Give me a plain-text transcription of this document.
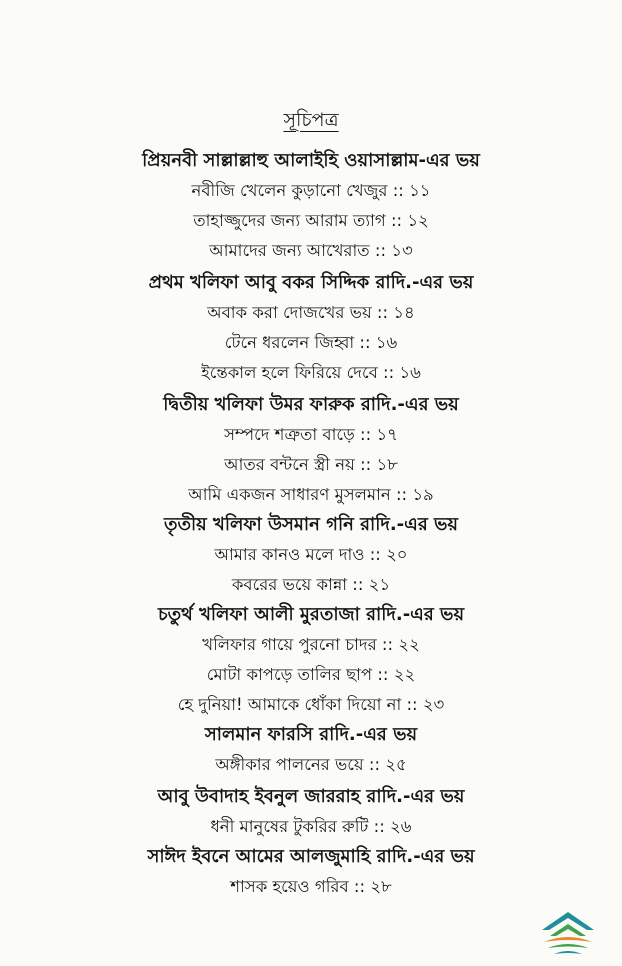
সূচিপত্র
প্রিয়নবী সাল্লাল্লাহু আলাইহি ওয়াসাল্লাম-এর ভয়
নবীজি খেলেন কুড়ানো খেজুর :: ১১
তাহাজ্জুদের জন্য আরাম ত্যাগ :: ১২
আমাদের জন্য আখেরাত :: ১৩
প্রথম খলিফা আবু বকর সিদ্দিক রাদি.-এর ভয়
অবাক করা দোজখের ভয় :: ১৪
টেনে ধরলেন জিহ্বা :: ১৬
ইন্তেকাল হলে ফিরিয়ে দেবে :: ১৬
দ্বিতীয় খলিফা উমর ফারুক রাদি.-এর ভয়
সম্পদে শত্রুতা বাড়ে :: ১৭
আতর বন্টনে স্ত্রী নয় :: ১৮
আমি একজন সাধারণ মুসলমান :: ১৯
তৃতীয় খলিফা উসমান গনি রাদি.-এর ভয়
আমার কানও মলে দাও :: ২০
কবরের ভয়ে কান্না :: ২১
চতুর্থ খলিফা আলী মুরতাজা রাদি.-এর ভয়
খলিফার গায়ে পুরনো চাদর :: ২২
মোটা কাপড়ে তালির ছাপ :: ২২
হে দুনিয়া! আমাকে ধোঁকা দিয়ো না :: ২৩
সালমান ফারসি রাদি.-এর ভয়
অঙ্গীকার পালনের ভয়ে :: ২৫
আবু উবাদাহ ইবনুল জাররাহ রাদি.-এর ভয়
ধনী মানুষের টুকরির রুটি :: ২৬
সাঈদ ইবনে আমের আলজুমাহি রাদি.-এর ভয়
শাসক হয়েও গরিব :: ২৮
